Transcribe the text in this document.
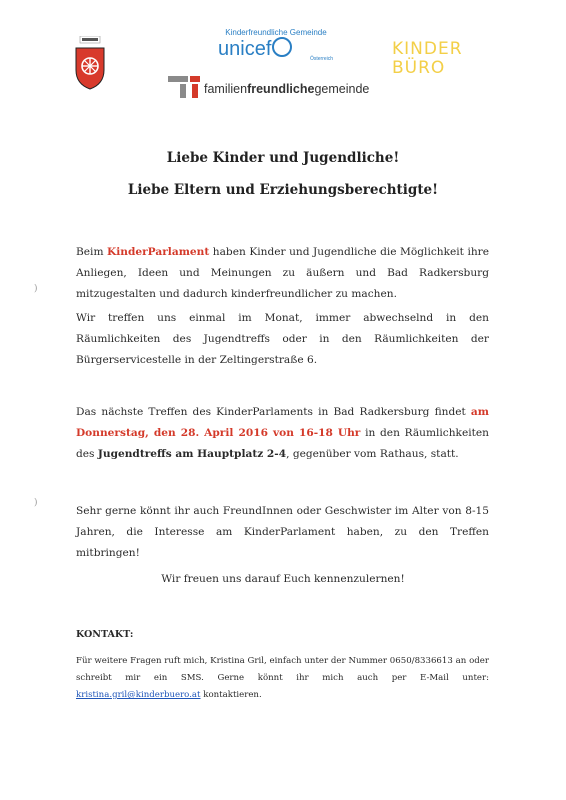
Kinderfreundliche Gemeinde
unicef	Österreich
familienfreundlichegemeinde
KINDER
BÜRO
Liebe Kinder und Jugendliche!
Liebe Eltern und Erziehungsberechtigte!
Beim KinderParlament haben Kinder und Jugendliche die Möglichkeit ihre Anliegen, Ideen und Meinungen zu äußern und Bad Radkersburg mitzugestalten und dadurch kinderfreundlicher zu machen.
)
Wir treffen uns einmal im Monat, immer abwechselnd in den Räumlichkeiten des Jugendtreffs oder in den Räumlichkeiten der Bürgerservicestelle in der Zeltingerstraße 6.
Das nächste Treffen des KinderParlaments in Bad Radkersburg findet am Donnerstag, den 28. April 2016 von 16-18 Uhr in den Räumlichkeiten des Jugendtreffs am Hauptplatz 2-4, gegenüber vom Rathaus, statt.
)
Sehr gerne könnt ihr auch FreundInnen oder Geschwister im Alter von 8-15 Jahren, die Interesse am KinderParlament haben, zu den Treffen mitbringen!
Wir freuen uns darauf Euch kennenzulernen!
KONTAKT:
Für weitere Fragen ruft mich, Kristina Gril, einfach unter der Nummer 0650/8336613 an oder schreibt mir ein SMS. Gerne könnt ihr mich auch per E-Mail unter: kristina.gril@kinderbuero.at kontaktieren.
